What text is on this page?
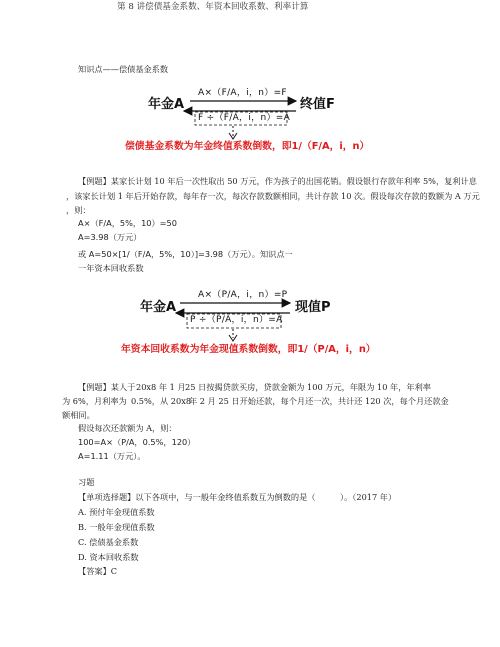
第 8 讲偿债基金系数、年资本回收系数、利率计算
知识点——偿债基金系数
A×（F/A，i，n）=F
年金A	终值F
F ÷（F/A，i，n）=A
偿债基金系数为年金终值系数倒数，即1/（F/A，i，n）
【例题】某家长计划 10 年后一次性取出 50 万元，作为孩子的出国花销。假设银行存款年利率 5%，复利计息
，该家长计划 1 年后开始存款，每年存一次，每次存款数额相同，共计存款 10 次。假设每次存款的数额为 A 万元
，则：
A×（F/A，5%，10）=50
A=3.98（万元）
或 A=50×[1/（F/A，5%，10）]=3.98（万元）。知识点一
一年资本回收系数
A×（P/A，i，n）=P
年金A	现值P
P ÷（P/A，i，n）=A
年资本回收系数为年金现值系数倒数，即1/（P/A，i，n）
【例题】某人于 20x8 年 1 月 25 日按揭贷款买房，贷款金额为 100 万元，年限为 10 年，年利率
为 6%，月利率为 0.5%，从 20x8
年 2 月 25 日开始还款，每个月还一次，共计还 120 次，每个月还款金
额相同。
假设每次还款额为 A，则：
100=A×（P/A，0.5%，120）
A=1.11（万元）。
习题
【单项选择题】以下各项中，与一般年金终值系数互为倒数的是（　　　）。（2017 年）
A. 预付年金现值系数
B. 一般年金现值系数
C. 偿债基金系数
D. 资本回收系数
【答案】C
